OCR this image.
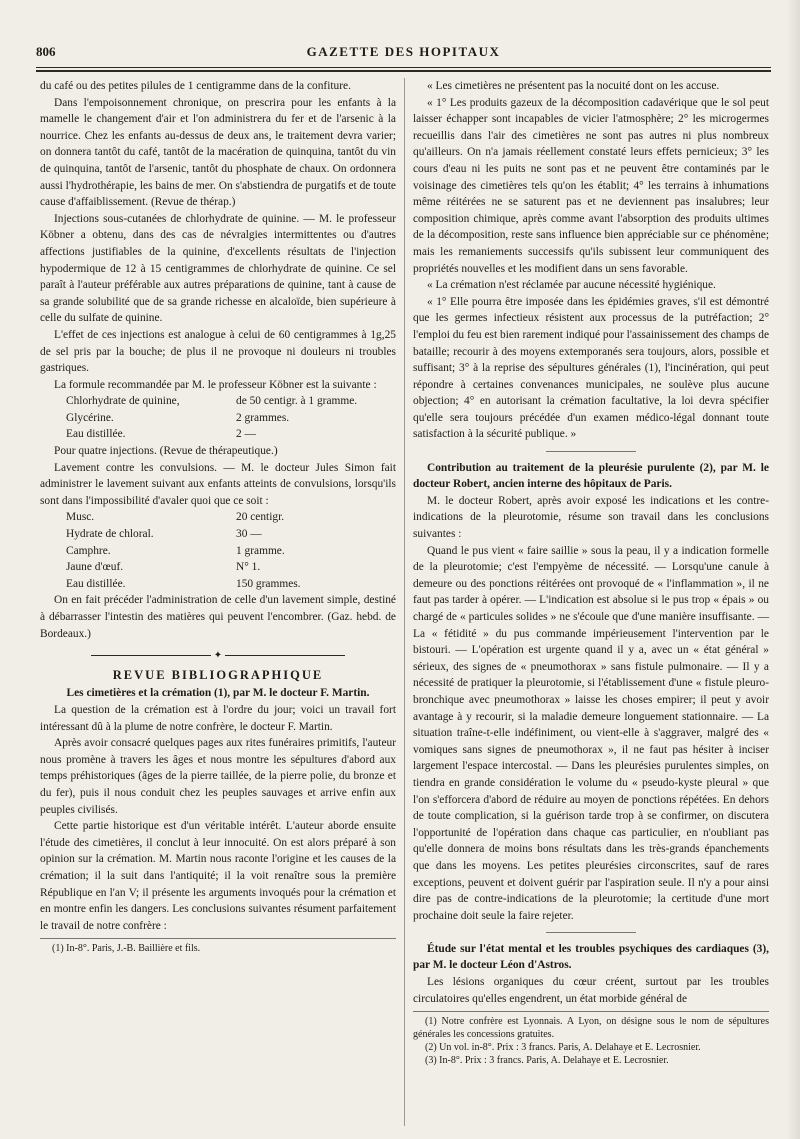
806	GAZETTE DES HOPITAUX

du café ou des petites pilules de 1 centigramme dans de la confiture.

Dans l'empoisonnement chronique, on prescrira pour les enfants à la mamelle le changement d'air et l'on administrera du fer et de l'arsenic à la nourrice. Chez les enfants au-dessus de deux ans, le traitement devra varier; on donnera tantôt du café, tantôt de la macération de quinquina, tantôt du vin de quinquina, tantôt de l'arsenic, tantôt du phosphate de chaux. On ordonnera aussi l'hydrothérapie, les bains de mer. On s'abstiendra de purgatifs et de toute cause d'affaiblissement. (Revue de thérap.)

Injections sous-cutanées de chlorhydrate de quinine. — M. le professeur Köbner a obtenu, dans des cas de névralgies intermittentes ou d'autres affections justifiables de la quinine, d'excellents résultats de l'injection hypodermique de 12 à 15 centigrammes de chlorhydrate de quinine. Ce sel paraît à l'auteur préférable aux autres préparations de quinine, tant à cause de sa grande solubilité que de sa grande richesse en alcaloïde, bien supérieure à celle du sulfate de quinine.

L'effet de ces injections est analogue à celui de 60 centigrammes à 1g,25 de sel pris par la bouche; de plus il ne provoque ni douleurs ni troubles gastriques.

La formule recommandée par M. le professeur Köbner est la suivante :

Chlorhydrate de quinine,	de 50 centigr. à 1 gramme.
Glycérine.	2 grammes.
Eau distillée.	2 —

Pour quatre injections. (Revue de thérapeutique.)

Lavement contre les convulsions. — M. le docteur Jules Simon fait administrer le lavement suivant aux enfants atteints de convulsions, lorsqu'ils sont dans l'impossibilité d'avaler quoi que ce soit :

Musc.	20 centigr.
Hydrate de chloral.	30 —
Camphre.	1 gramme.
Jaune d'œuf.	N° 1.
Eau distillée.	150 grammes.

On en fait précéder l'administration de celle d'un lavement simple, destiné à débarrasser l'intestin des matières qui peuvent l'encombrer. (Gaz. hebd. de Bordeaux.)

✦

REVUE BIBLIOGRAPHIQUE

Les cimetières et la crémation (1), par M. le docteur F. Martin.

La question de la crémation est à l'ordre du jour; voici un travail fort intéressant dû à la plume de notre confrère, le docteur F. Martin.

Après avoir consacré quelques pages aux rites funéraires primitifs, l'auteur nous promène à travers les âges et nous montre les sépultures d'abord aux temps préhistoriques (âges de la pierre taillée, de la pierre polie, du bronze et du fer), puis il nous conduit chez les peuples sauvages et arrive enfin aux peuples civilisés.

Cette partie historique est d'un véritable intérêt. L'auteur aborde ensuite l'étude des cimetières, il conclut à leur innocuité. On est alors préparé à son opinion sur la crémation. M. Martin nous raconte l'origine et les causes de la crémation; il la suit dans l'antiquité; il la voit renaître sous la première République en l'an V; il présente les arguments invoqués pour la crémation et en montre enfin les dangers. Les conclusions suivantes résument parfaitement le travail de notre confrère :

(1) In-8°. Paris, J.-B. Baillière et fils.

« Les cimetières ne présentent pas la nocuité dont on les accuse.

« 1° Les produits gazeux de la décomposition cadavérique que le sol peut laisser échapper sont incapables de vicier l'atmosphère; 2° les microgermes recueillis dans l'air des cimetières ne sont pas autres ni plus nombreux qu'ailleurs. On n'a jamais réellement constaté leurs effets pernicieux; 3° les cours d'eau ni les puits ne sont pas et ne peuvent être contaminés par le voisinage des cimetières tels qu'on les établit; 4° les terrains à inhumations même réitérées ne se saturent pas et ne deviennent pas insalubres; leur composition chimique, après comme avant l'absorption des produits ultimes de la décomposition, reste sans influence bien appréciable sur ce phénomène; mais les remaniements successifs qu'ils subissent leur communiquent des propriétés nouvelles et les modifient dans un sens favorable.

« La crémation n'est réclamée par aucune nécessité hygiénique.

« 1° Elle pourra être imposée dans les épidémies graves, s'il est démontré que les germes infectieux résistent aux processus de la putréfaction; 2° l'emploi du feu est bien rarement indiqué pour l'assainissement des champs de bataille; recourir à des moyens extemporanés sera toujours, alors, possible et suffisant; 3° à la reprise des sépultures générales (1), l'incinération, qui peut répondre à certaines convenances municipales, ne soulève plus aucune objection; 4° en autorisant la crémation facultative, la loi devra spécifier qu'elle sera toujours précédée d'un examen médico-légal donnant toute satisfaction à la sécurité publique. »

Contribution au traitement de la pleurésie purulente (2), par M. le docteur Robert, ancien interne des hôpitaux de Paris.

M. le docteur Robert, après avoir exposé les indications et les contre-indications de la pleurotomie, résume son travail dans les conclusions suivantes :

Quand le pus vient « faire saillie » sous la peau, il y a indication formelle de la pleurotomie; c'est l'empyème de nécessité. — Lorsqu'une canule à demeure ou des ponctions réitérées ont provoqué de « l'inflammation », il ne faut pas tarder à opérer. — L'indication est absolue si le pus trop « épais » ou chargé de « particules solides » ne s'écoule que d'une manière insuffisante. — La « fétidité » du pus commande impérieusement l'intervention par le bistouri. — L'opération est urgente quand il y a, avec un « état général » sérieux, des signes de « pneumothorax » sans fistule pulmonaire. — Il y a nécessité de pratiquer la pleurotomie, si l'établissement d'une « fistule pleuro-bronchique avec pneumothorax » laisse les choses empirer; il peut y avoir avantage à y recourir, si la maladie demeure longuement stationnaire. — La situation traîne-t-elle indéfiniment, ou vient-elle à s'aggraver, malgré des « vomiques sans signes de pneumothorax », il ne faut pas hésiter à inciser largement l'espace intercostal. — Dans les pleurésies purulentes simples, on tiendra en grande considération le volume du « pseudo-kyste pleural » que l'on s'efforcera d'abord de réduire au moyen de ponctions répétées. En dehors de toute complication, si la guérison tarde trop à se confirmer, on discutera l'opportunité de l'opération dans chaque cas particulier, en n'oubliant pas qu'elle donnera de moins bons résultats dans les très-grands épanchements que dans les moyens. Les petites pleurésies circonscrites, sauf de rares exceptions, peuvent et doivent guérir par l'aspiration seule. Il n'y a pour ainsi dire pas de contre-indications de la pleurotomie; la certitude d'une mort prochaine doit seule la faire rejeter.

Étude sur l'état mental et les troubles psychiques des cardiaques (3), par M. le docteur Léon d'Astros.

Les lésions organiques du cœur créent, surtout par les troubles circulatoires qu'elles engendrent, un état morbide général de

(1) Notre confrère est Lyonnais. A Lyon, on désigne sous le nom de sépultures générales les concessions gratuites.

(2) Un vol. in-8°. Prix : 3 francs. Paris, A. Delahaye et E. Lecrosnier.

(3) In-8°. Prix : 3 francs. Paris, A. Delahaye et E. Lecrosnier.
